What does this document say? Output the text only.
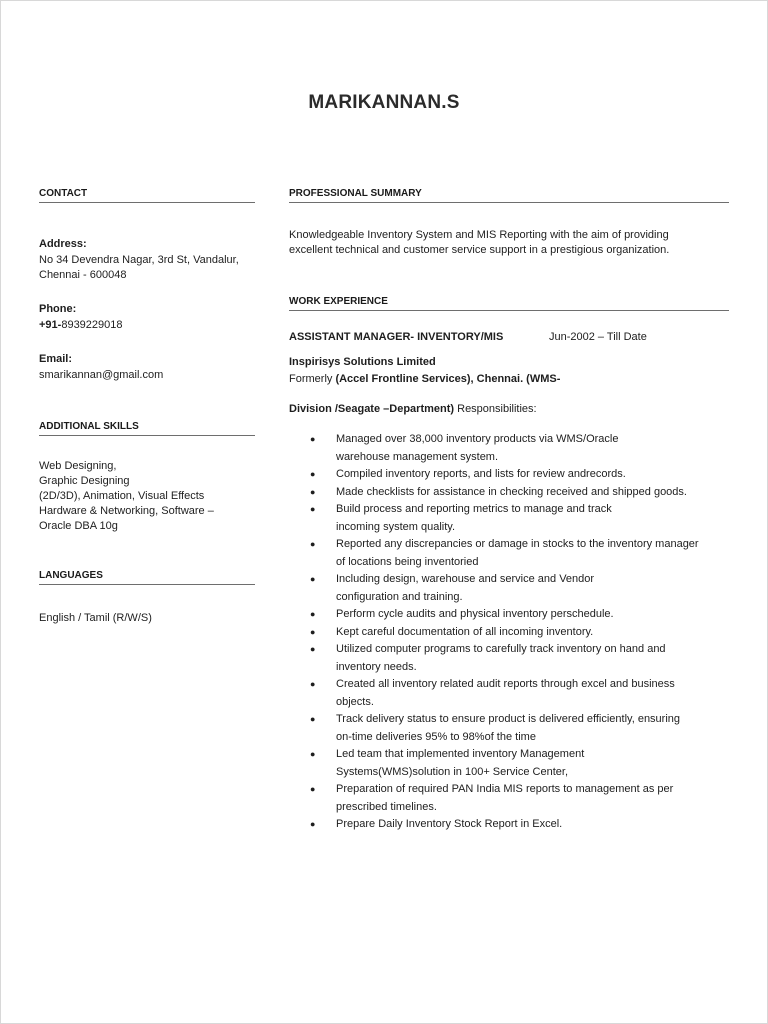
MARIKANNAN.S
CONTACT
Address:
No 34 Devendra Nagar, 3rd St, Vandalur,
Chennai - 600048
Phone:
+91-8939229018
Email:
smarikannan@gmail.com
ADDITIONAL SKILLS
Web Designing,
Graphic Designing
(2D/3D), Animation, Visual Effects
Hardware & Networking, Software –
Oracle DBA 10g
LANGUAGES
English / Tamil (R/W/S)
PROFESSIONAL SUMMARY
Knowledgeable Inventory System and MIS Reporting with the aim of providing
excellent technical and customer service support in a prestigious organization.
WORK EXPERIENCE
ASSISTANT MANAGER- INVENTORY/MIS	Jun-2002 – Till Date
Inspirisys Solutions Limited
Formerly (Accel Frontline Services), Chennai. (WMS-
Division /Seagate –Department) Responsibilities:
● Managed over 38,000 inventory products via WMS/Oracle
warehouse management system.
● Compiled inventory reports, and lists for review andrecords.
● Made checklists for assistance in checking received and shipped goods.
● Build process and reporting metrics to manage and track
incoming system quality.
● Reported any discrepancies or damage in stocks to the inventory manager
of locations being inventoried
● Including design, warehouse and service and Vendor
configuration and training.
● Perform cycle audits and physical inventory perschedule.
● Kept careful documentation of all incoming inventory.
● Utilized computer programs to carefully track inventory on hand and
inventory needs.
● Created all inventory related audit reports through excel and business
objects.
● Track delivery status to ensure product is delivered efficiently, ensuring
on-time deliveries 95% to 98%of the time
● Led team that implemented inventory Management
Systems(WMS)solution in 100+ Service Center,
● Preparation of required PAN India MIS reports to management as per
prescribed timelines.
● Prepare Daily Inventory Stock Report in Excel.
